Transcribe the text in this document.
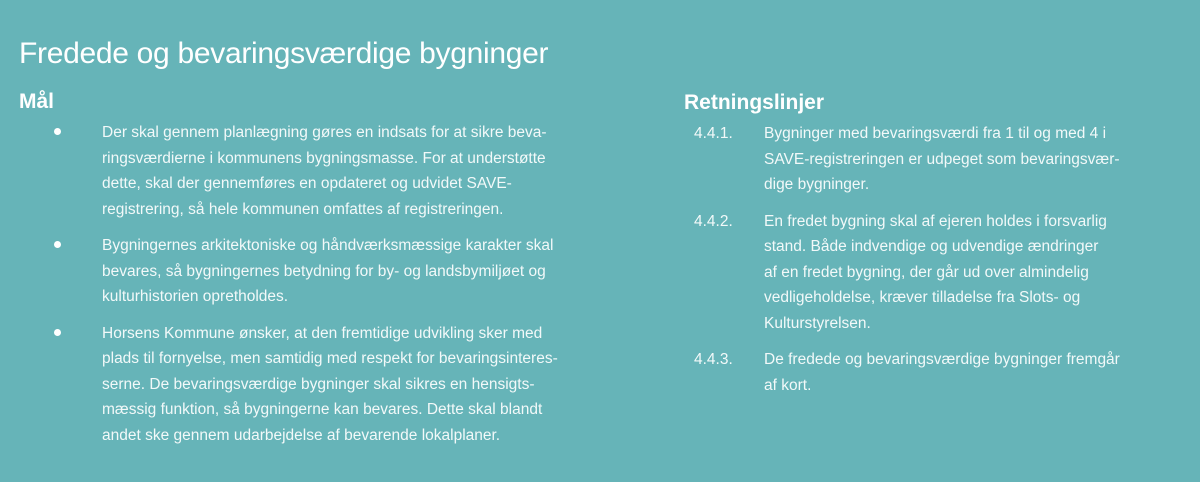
Fredede og bevaringsværdige bygninger
Mål
Der skal gennem planlægning gøres en indsats for at sikre beva-
ringsværdierne i kommunens bygningsmasse. For at understøtte
dette, skal der gennemføres en opdateret og udvidet SAVE-
registrering, så hele kommunen omfattes af registreringen.
Bygningernes arkitektoniske og håndværksmæssige karakter skal
bevares, så bygningernes betydning for by- og landsbymiljøet og
kulturhistorien opretholdes.
Horsens Kommune ønsker, at den fremtidige udvikling sker med
plads til fornyelse, men samtidig med respekt for bevaringsinteres-
serne. De bevaringsværdige bygninger skal sikres en hensigts-
mæssig funktion, så bygningerne kan bevares. Dette skal blandt
andet ske gennem udarbejdelse af bevarende lokalplaner.
Retningslinjer
4.4.1. Bygninger med bevaringsværdi fra 1 til og med 4 i
SAVE-registreringen er udpeget som bevaringsvær-
dige bygninger.
4.4.2. En fredet bygning skal af ejeren holdes i forsvarlig
stand. Både indvendige og udvendige ændringer
af en fredet bygning, der går ud over almindelig
vedligeholdelse, kræver tilladelse fra Slots- og
Kulturstyrelsen.
4.4.3. De fredede og bevaringsværdige bygninger fremgår
af kort.
